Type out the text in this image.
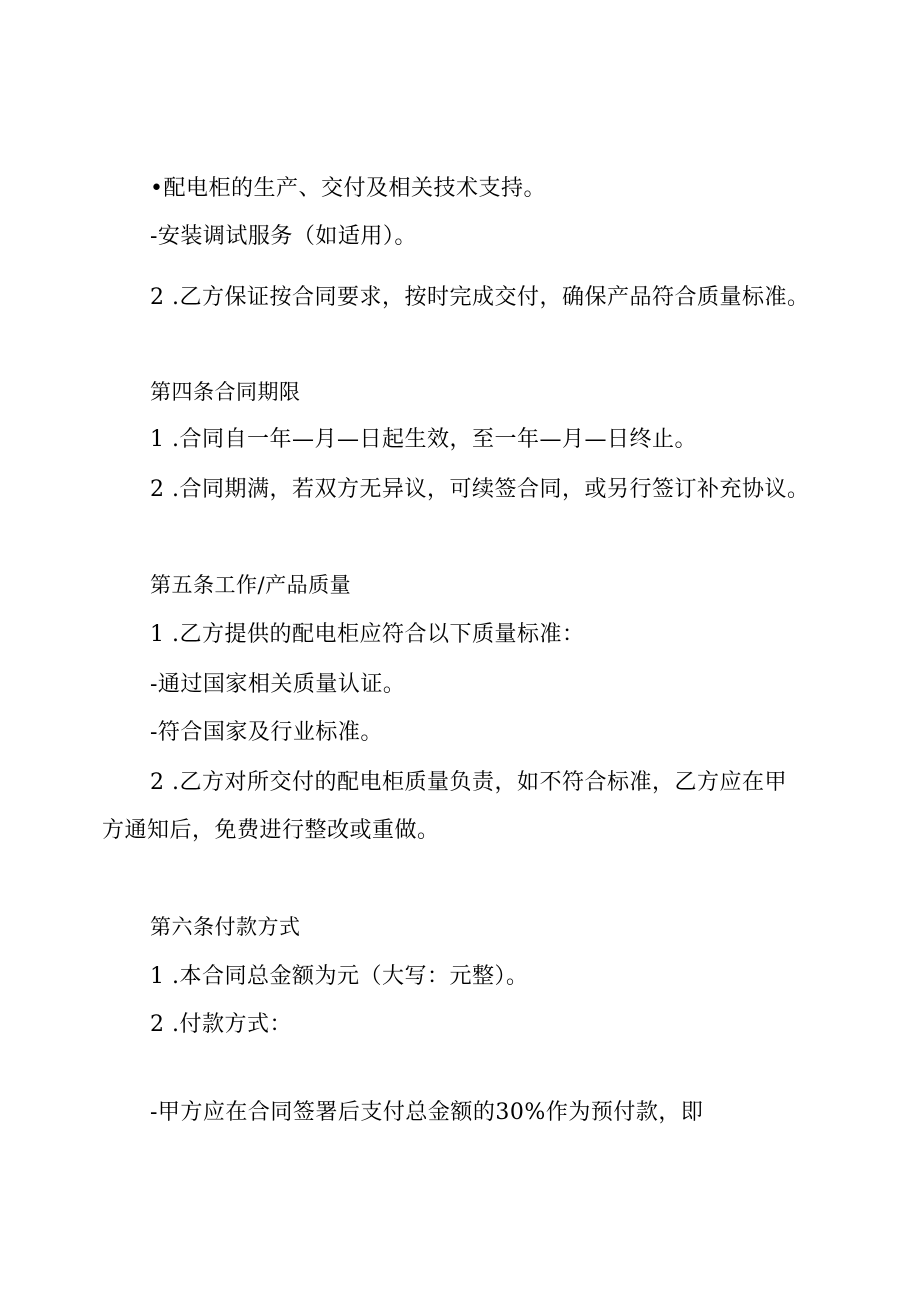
•配电柜的生产、交付及相关技术支持。
-安装调试服务（如适用）。
2 .乙方保证按合同要求，按时完成交付，确保产品符合质量标准。
第四条合同期限
1 .合同自一年—月—日起生效，至一年—月—日终止。
2 .合同期满，若双方无异议，可续签合同，或另行签订补充协议。
第五条工作/产品质量
1 .乙方提供的配电柜应符合以下质量标准：
-通过国家相关质量认证。
-符合国家及行业标准。
2 .乙方对所交付的配电柜质量负责，如不符合标准，乙方应在甲
方通知后，免费进行整改或重做。
第六条付款方式
1 .本合同总金额为元（大写：元整）。
2 .付款方式：
-甲方应在合同签署后支付总金额的30%作为预付款，即
